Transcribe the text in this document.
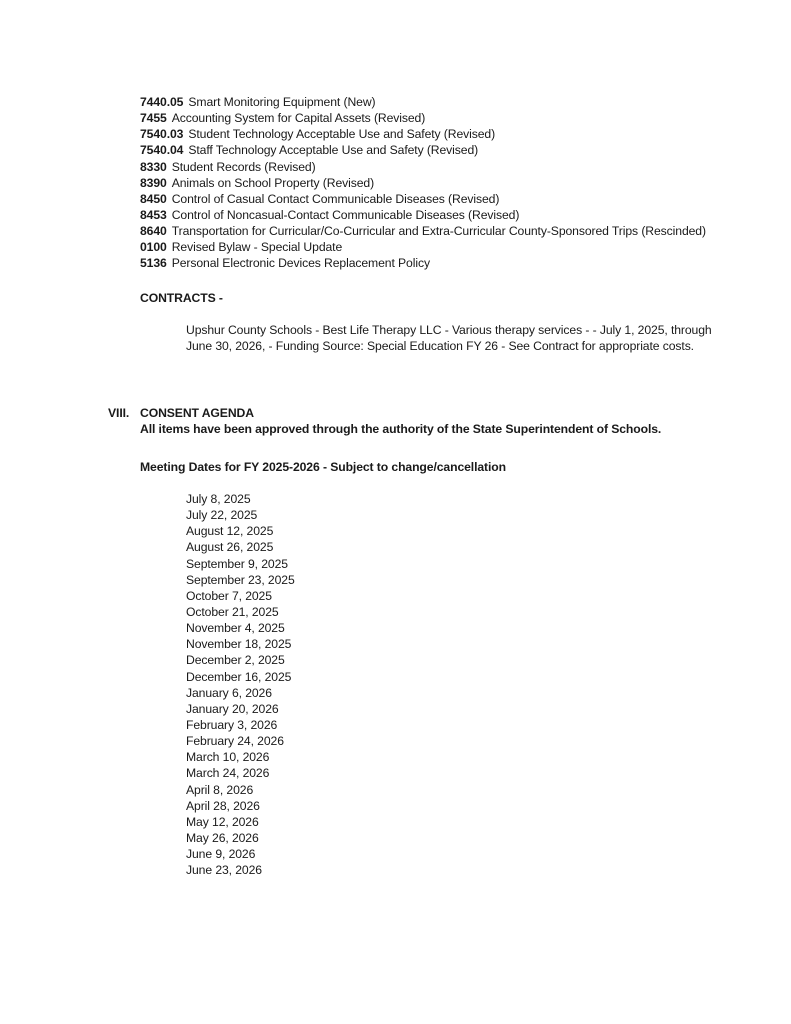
7440.05 Smart Monitoring Equipment (New)
7455 Accounting System for Capital Assets (Revised)
7540.03 Student Technology Acceptable Use and Safety (Revised)
7540.04 Staff Technology Acceptable Use and Safety (Revised)
8330 Student Records (Revised)
8390 Animals on School Property (Revised)
8450 Control of Casual Contact Communicable Diseases (Revised)
8453 Control of Noncasual-Contact Communicable Diseases (Revised)
8640 Transportation for Curricular/Co-Curricular and Extra-Curricular County-Sponsored Trips (Rescinded)
0100 Revised Bylaw - Special Update
5136 Personal Electronic Devices Replacement Policy
CONTRACTS -
Upshur County Schools - Best Life Therapy LLC - Various therapy services - - July 1, 2025, through June 30, 2026, - Funding Source: Special Education FY 26 - See Contract for appropriate costs.
VIII. CONSENT AGENDA
All items have been approved through the authority of the State Superintendent of Schools.
Meeting Dates for FY 2025-2026 - Subject to change/cancellation
July 8, 2025
July 22, 2025
August 12, 2025
August 26, 2025
September 9, 2025
September 23, 2025
October 7, 2025
October 21, 2025
November 4, 2025
November 18, 2025
December 2, 2025
December 16, 2025
January 6, 2026
January 20, 2026
February 3, 2026
February 24, 2026
March 10, 2026
March 24, 2026
April 8, 2026
April 28, 2026
May 12, 2026
May 26, 2026
June 9, 2026
June 23, 2026
